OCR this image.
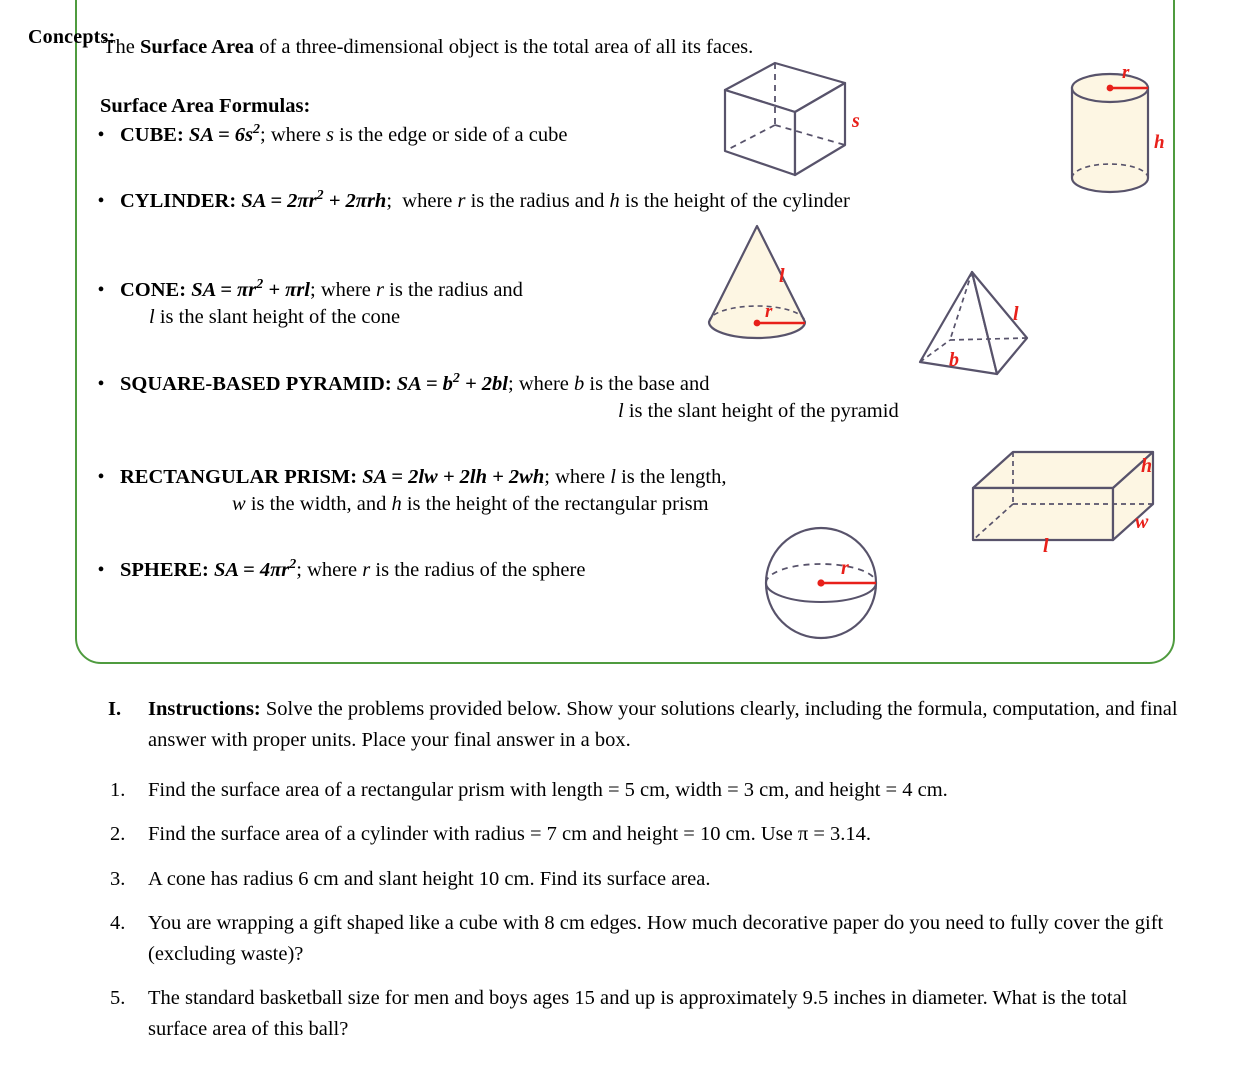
Concepts:
The Surface Area of a three-dimensional object is the total area of all its faces.
Surface Area Formulas:
• CUBE: SA = $6s^2$; where s is the edge or side of a cube
• CYLINDER: SA = $2\pi r^2 + 2\pi rh$;  where r is the radius and h is the height of the cylinder
• CONE: SA = $\pi r^2 + \pi rl$; where r is the radius and
l is the slant height of the cone
• SQUARE-BASED PYRAMID: SA = $b^2 + 2bl$; where b is the base and
l is the slant height of the pyramid
• RECTANGULAR PRISM: SA = 2lw + 2lh + 2wh; where l is the length,
w is the width, and h is the height of the rectangular prism
• SPHERE: SA = $4\pi r^2$; where r is the radius of the sphere
s
r
h
l
r	l
b
h
w
l
r
I. Instructions: Solve the problems provided below. Show your solutions clearly, including the formula, computation, and final answer with proper units. Place your final answer in a box.
1. Find the surface area of a rectangular prism with length = 5 cm, width = 3 cm, and height = 4 cm.
2. Find the surface area of a cylinder with radius = 7 cm and height = 10 cm. Use π = 3.14.
3. A cone has radius 6 cm and slant height 10 cm. Find its surface area.
4. You are wrapping a gift shaped like a cube with 8 cm edges. How much decorative paper do you need to fully cover the gift (excluding waste)?
5. The standard basketball size for men and boys ages 15 and up is approximately 9.5 inches in diameter. What is the total surface area of this ball?
